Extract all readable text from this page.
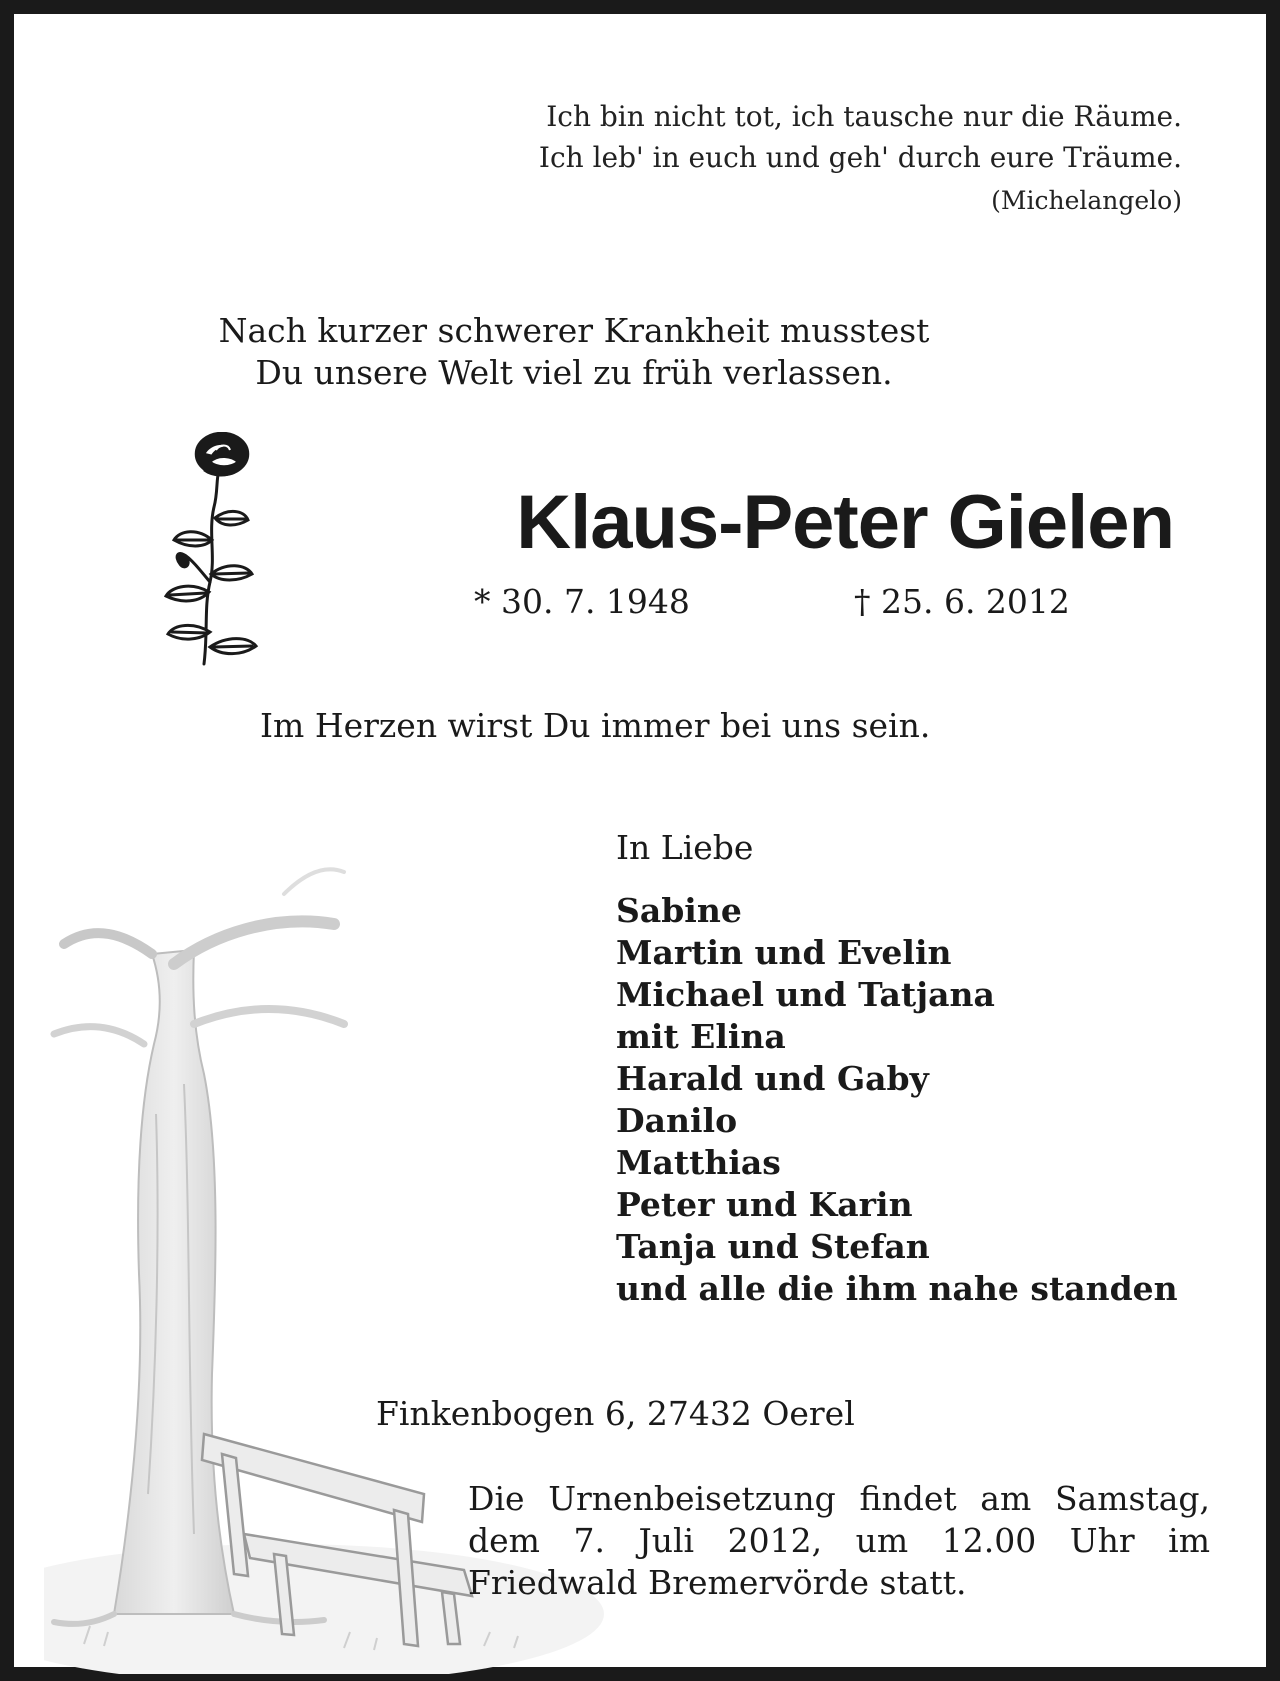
Ich bin nicht tot, ich tausche nur die Räume.
Ich leb' in euch und geh' durch eure Träume.
(Michelangelo)

Nach kurzer schwerer Krankheit musstest

Du unsere Welt viel zu früh verlassen.

Klaus-Peter Gielen
* 30. 7. 1948	† 25. 6. 2012
Im Herzen wirst Du immer bei uns sein.
In Liebe
Sabine
Martin und Evelin
Michael und Tatjana
mit Elina
Harald und Gaby
Danilo
Matthias
Peter und Karin
Tanja und Stefan
und alle die ihm nahe standen
Finkenbogen 6, 27432 Oerel
Die Urnenbeisetzung findet am Samstag,
dem 7. Juli 2012, um 12.00 Uhr im
Friedwald Bremervörde statt.
